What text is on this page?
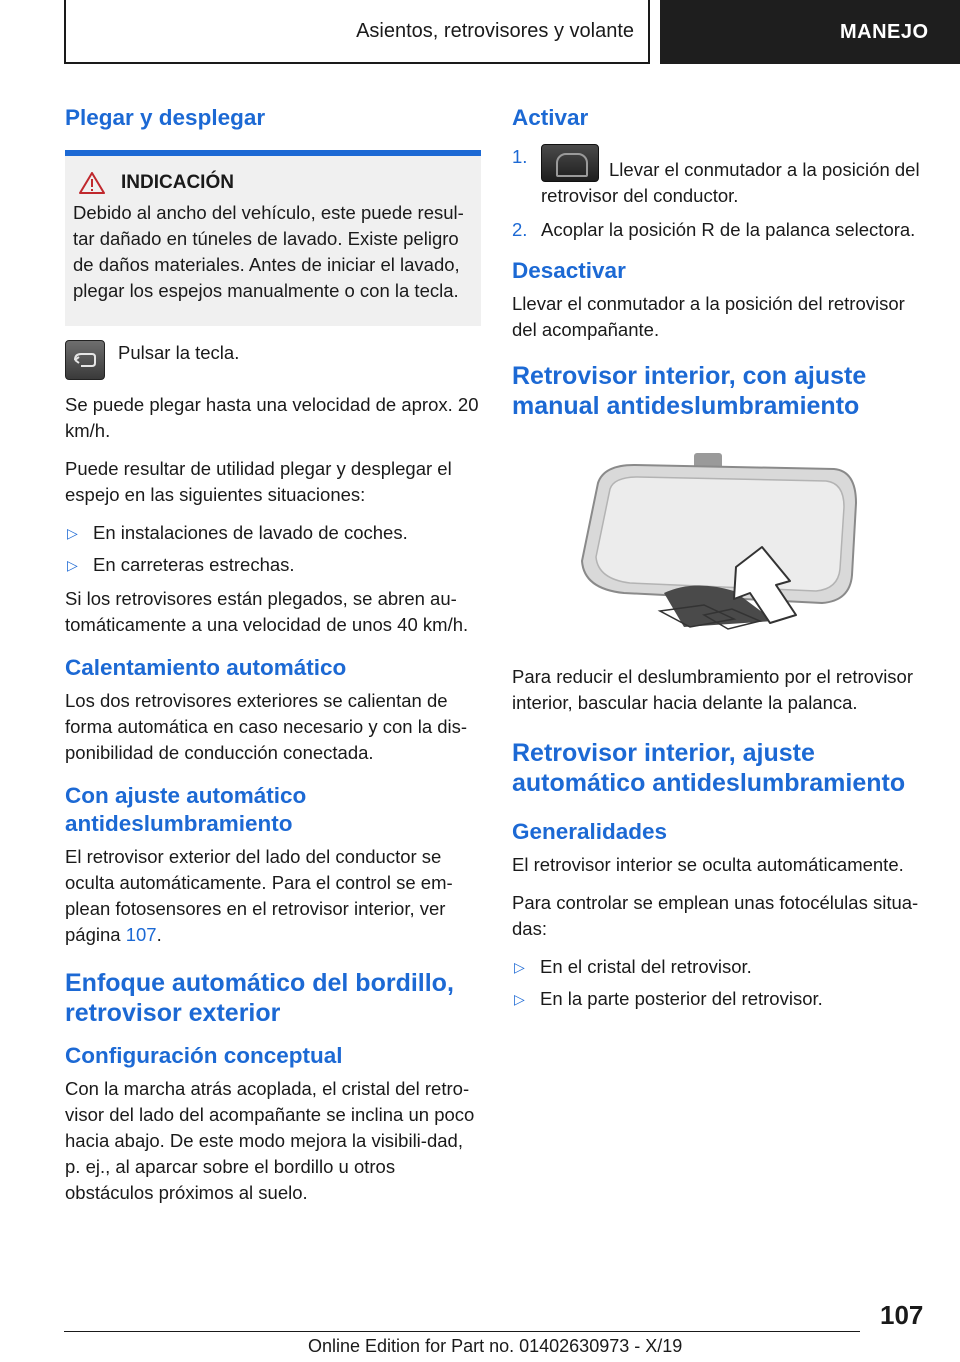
Asientos, retrovisores y volante	MANEJO
Plegar y desplegar
INDICACIÓN

Debido al ancho del vehículo, este puede resul-tar dañado en túneles de lavado. Existe peligro de daños materiales. Antes de iniciar el lavado, plegar los espejos manualmente o con la tecla.

Pulsar la tecla.

Se puede plegar hasta una velocidad de aprox. 20 km/h.

Puede resultar de utilidad plegar y desplegar el espejo en las siguientes situaciones:

▷ En instalaciones de lavado de coches.
▷ En carreteras estrechas.

Si los retrovisores están plegados, se abren au-tomáticamente a una velocidad de unos 40 km/h.

Calentamiento automático

Los dos retrovisores exteriores se calientan de forma automática en caso necesario y con la dis-ponibilidad de conducción conectada.

Con ajuste automático antideslumbramiento

El retrovisor exterior del lado del conductor se oculta automáticamente. Para el control se em-plean fotosensores en el retrovisor interior, ver página 107.

Enfoque automático del bordillo, retrovisor exterior
Configuración conceptual

Con la marcha atrás acoplada, el cristal del retro-visor del lado del acompañante se inclina un poco hacia abajo. De este modo mejora la visibili-dad, p. ej., al aparcar sobre el bordillo u otros obstáculos próximos al suelo.

Activar
1.
Llevar el conmutador a la posición del retrovisor del conductor.
2. Acoplar la posición R de la palanca selectora.
Desactivar

Llevar el conmutador a la posición del retrovisor del acompañante.

Retrovisor interior, con ajuste manual antideslumbramiento

Para reducir el deslumbramiento por el retrovisor interior, bascular hacia delante la palanca.

Retrovisor interior, ajuste automático antideslumbramiento
Generalidades

El retrovisor interior se oculta automáticamente.

Para controlar se emplean unas fotocélulas situa-das:

▷ En el cristal del retrovisor.
▷ En la parte posterior del retrovisor.
107
Online Edition for Part no. 01402630973 - X/19
